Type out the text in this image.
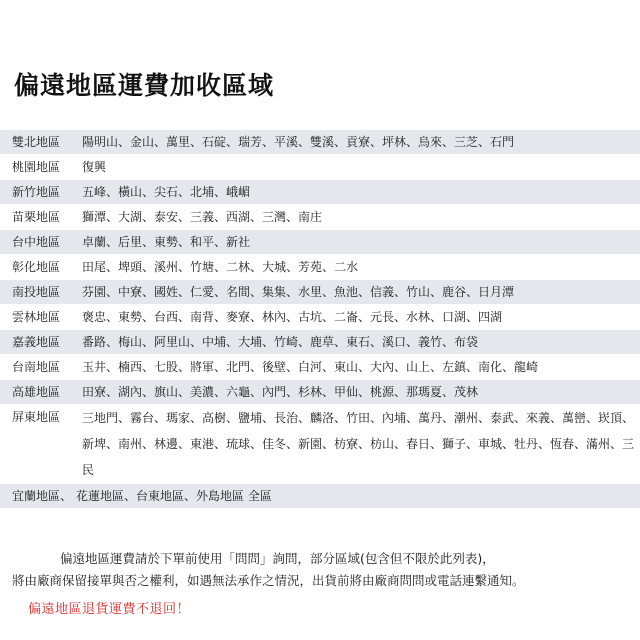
偏遠地區運費加收區域
雙北地區	陽明山、金山、萬里、石碇、瑞芳、平溪、雙溪、貢寮、坪林、烏來、三芝、石門
桃園地區	復興
新竹地區	五峰、橫山、尖石、北埔、峨嵋
苗栗地區	獅潭、大湖、泰安、三義、西湖、三灣、南庄
台中地區	卓蘭、后里、東勢、和平、新社
彰化地區	田尾、埤頭、溪州、竹塘、二林、大城、芳苑、二水
南投地區	芬園、中寮、國姓、仁愛、名間、集集、水里、魚池、信義、竹山、鹿谷、日月潭
雲林地區	褒忠、東勢、台西、南背、麥寮、林內、古坑、二崙、元長、水林、口湖、四湖
嘉義地區	番路、梅山、阿里山、中埔、大埔、竹崎、鹿草、東石、溪口、義竹、布袋
台南地區	玉井、楠西、七股、將軍、北門、後壁、白河、東山、大內、山上、左鎮、南化、龍崎
高雄地區	田寮、湖內、旗山、美濃、六龜、內門、杉林、甲仙、桃源、那瑪夏、茂林
屏東地區	三地門、霧台、瑪家、高樹、鹽埔、長治、麟洛、竹田、內埔、萬丹、潮州、泰武、來義、萬巒、崁頂、新埤、南州、林邊、東港、琉球、佳冬、新園、枋寮、枋山、春日、獅子、車城、牡丹、恆春、滿州、三民
宜蘭地區、 花蓮地區、台東地區、外島地區 全區
偏遠地區運費請於下單前使用「問問」詢問，部分區域(包含但不限於此列表)，
將由廠商保留接單與否之權利，如遇無法承作之情況，出貨前將由廠商問問或電話連繫通知。
偏遠地區退貨運費不退回！
